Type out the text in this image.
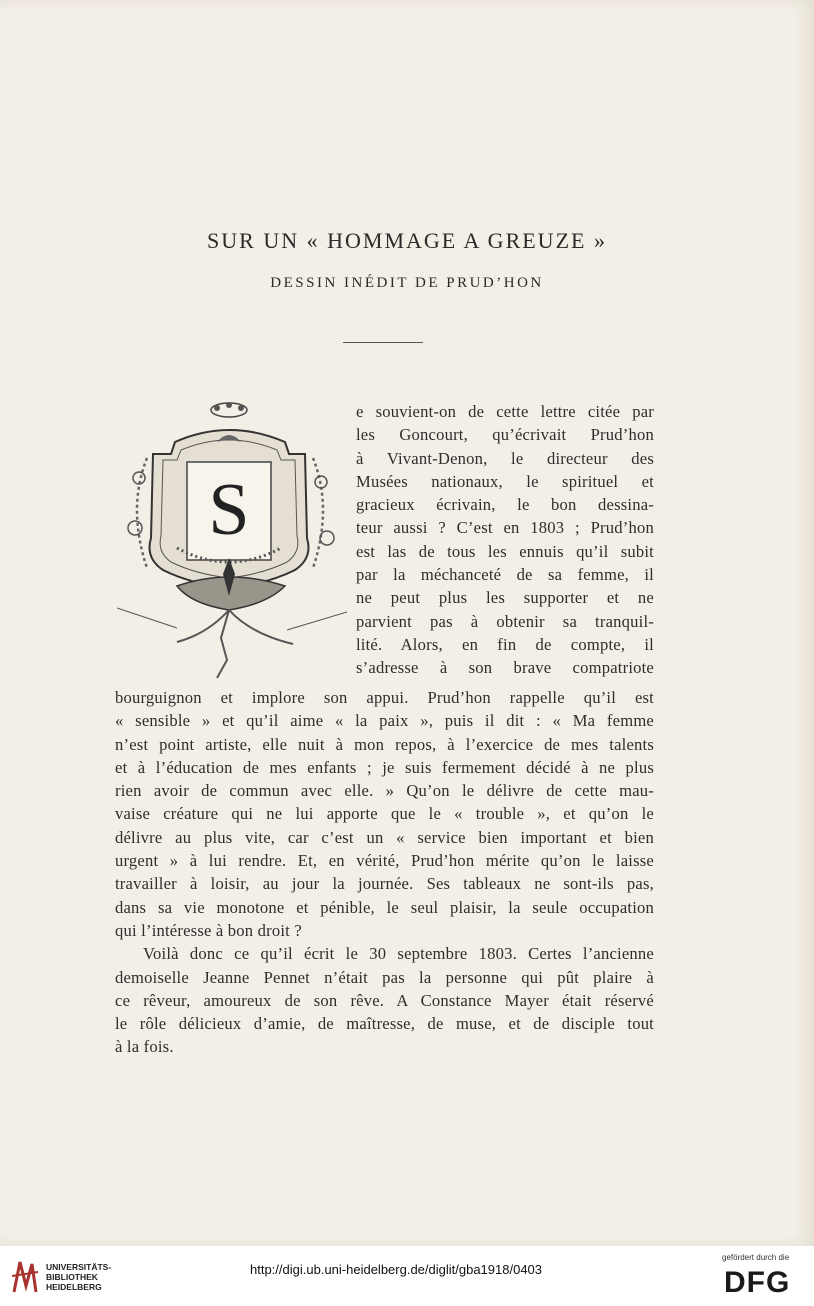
SUR UN « HOMMAGE A GREUZE »
DESSIN INÉDIT DE PRUD’HON
S
e souvient-on de cette lettre citée par
les Goncourt, qu’écrivait Prud’hon
à Vivant-Denon, le directeur des
Musées nationaux, le spirituel et
gracieux écrivain, le bon dessina-
teur aussi ? C’est en 1803 ; Prud’hon
est las de tous les ennuis qu’il subit
par la méchanceté de sa femme, il
ne peut plus les supporter et ne
parvient pas à obtenir sa tranquil-
lité. Alors, en fin de compte, il
s’adresse à son brave compatriote
bourguignon et implore son appui. Prud’hon rappelle qu’il est
« sensible » et qu’il aime « la paix », puis il dit : « Ma femme
n’est point artiste, elle nuit à mon repos, à l’exercice de mes talents
et à l’éducation de mes enfants ; je suis fermement décidé à ne plus
rien avoir de commun avec elle. » Qu’on le délivre de cette mau-
vaise créature qui ne lui apporte que le « trouble », et qu’on le
délivre au plus vite, car c’est un « service bien important et bien
urgent » à lui rendre. Et, en vérité, Prud’hon mérite qu’on le laisse
travailler à loisir, au jour la journée. Ses tableaux ne sont-ils pas,
dans sa vie monotone et pénible, le seul plaisir, la seule occupation
qui l’intéresse à bon droit ?
Voilà donc ce qu’il écrit le 30 septembre 1803. Certes l’ancienne
demoiselle Jeanne Pennet n’était pas la personne qui pût plaire à
ce rêveur, amoureux de son rêve. A Constance Mayer était réservé
le rôle délicieux d’amie, de maîtresse, de muse, et de disciple tout
à la fois.
UNIVERSITÄTS-
BIBLIOTHEK
HEIDELBERG
http://digi.ub.uni-heidelberg.de/diglit/gba1918/0403
gefördert durch die
DFG
